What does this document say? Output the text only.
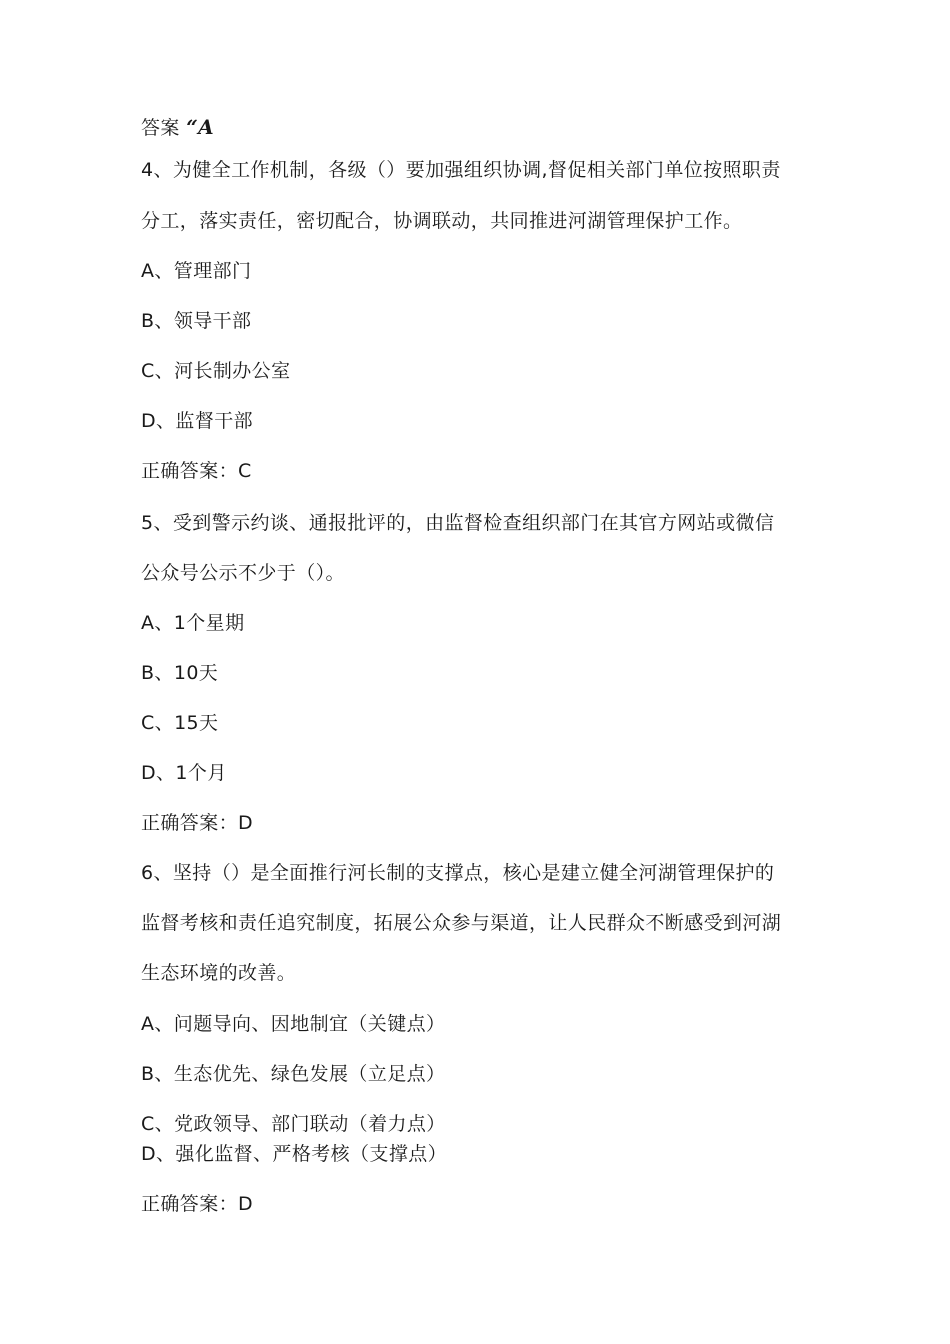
答案 “A
4、为健全工作机制，各级（）要加强组织协调,督促相关部门单位按照职责
分工，落实责任，密切配合，协调联动，共同推进河湖管理保护工作。
A、管理部门
B、领导干部
C、河长制办公室
D、监督干部
正确答案：C
5、受到警示约谈、通报批评的，由监督检查组织部门在其官方网站或微信
公众号公示不少于（）。
A、1个星期
B、10天
C、15天
D、1个月
正确答案：D
6、坚持（）是全面推行河长制的支撑点，核心是建立健全河湖管理保护的
监督考核和责任追究制度，拓展公众参与渠道，让人民群众不断感受到河湖
生态环境的改善。
A、问题导向、因地制宜（关键点）
B、生态优先、绿色发展（立足点）
C、党政领导、部门联动（着力点）
D、强化监督、严格考核（支撑点）
正确答案：D
